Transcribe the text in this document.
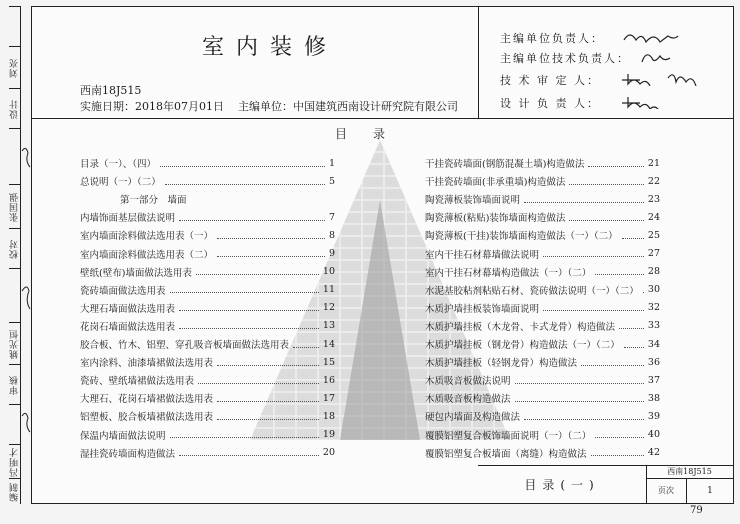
刘亮
设计
张国强
校对
姚光恒
审核
冯明才
编制
室内装修
西南18J515
实施日期：2018年07月01日 主编单位：中国建筑西南设计研究院有限公司
主编单位负责人：
主编单位技术负责人：
技 术 审 定 人：
设 计 负 责 人：
目录
目录（一）、（四）	1
总说明（一）（二）	5
第一部分　墙面
内墙饰面基层做法说明	7
室内墙面涂料做法选用表（一）	8
室内墙面涂料做法选用表（二）	9
壁纸(壁布)墙面做法选用表	10
瓷砖墙面做法选用表	11
大理石墙面做法选用表	12
花岗石墙面做法选用表	13
胶合板、竹木、铝塑、穿孔吸音板墙面做法选用表	14
室内涂料、油漆墙裙做法选用表	15
瓷砖、壁纸墙裙做法选用表	16
大理石、花岗石墙裙做法选用表	17
铝塑板、胶合板墙裙做法选用表	18
保温内墙面做法说明	19
湿挂瓷砖墙面构造做法	20
干挂瓷砖墙面(钢筋混凝土墙)构造做法	21
干挂瓷砖墙面(非承重墙)构造做法	22
陶瓷薄板装饰墙面说明	23
陶瓷薄板(粘贴)装饰墙面构造做法	24
陶瓷薄板(干挂)装饰墙面构造做法（一）（二）	25
室内干挂石材幕墙做法说明	27
室内干挂石材幕墙构造做法（一）（二）	28
水泥基胶粘剂粘贴石材、瓷砖做法说明（一）（二） 30
木质护墙挂板装饰墙面说明	32
木质护墙挂板（木龙骨、卡式龙骨）构造做法	33
木质护墙挂板（钢龙骨）构造做法（一）（二）	34
木质护墙挂板（轻钢龙骨）构造做法	36
木质吸音板做法说明	37
木质吸音板构造做法	38
硬包内墙面及构造做法	39
覆膜铝塑复合板饰墙面说明（一）（二）	40
覆膜铝塑复合板墙面（离缝）构造做法	42
目录(一)
西南18J515
页次	1
79
